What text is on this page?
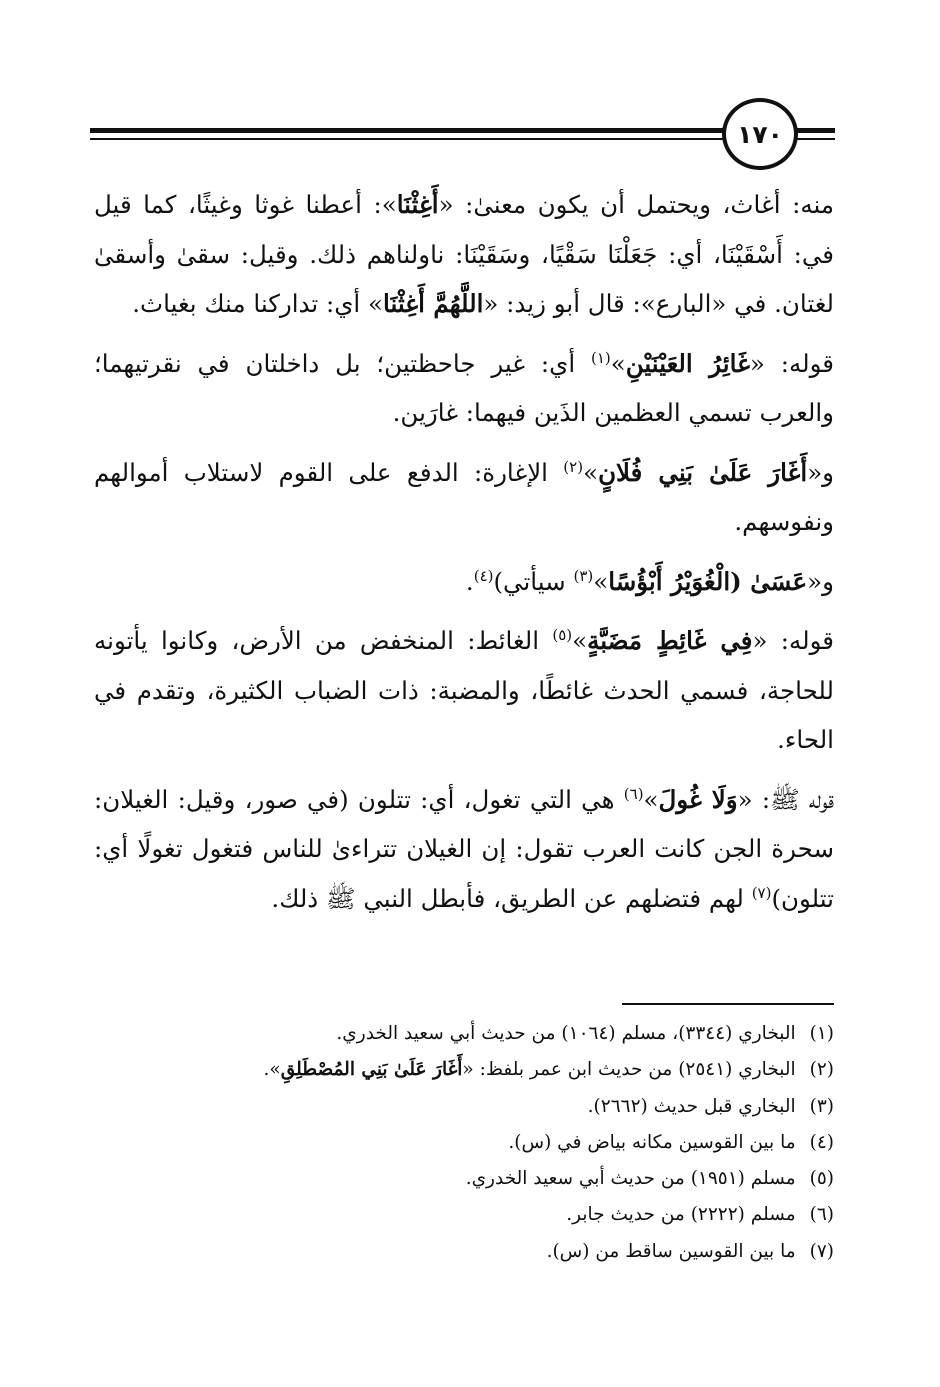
١٧٠

منه: أغاث، ويحتمل أن يكون معنىٰ: «أَغِثْنَا»: أعطنا غوثا وغيثًا، كما قيل في: أَسْقَيْنَا، أي: جَعَلْنَا سَقْيًا، وسَقَيْنَا: ناولناهم ذلك. وقيل: سقىٰ وأسقىٰ لغتان. في «البارع»: قال أبو زيد: «اللَّهُمَّ أَغِثْنَا» أي: تداركنا منك بغياث.

قوله: «غَائِرُ العَيْنَيْنِ»$^{(١)}$ أي: غير جاحظتين؛ بل داخلتان في نقرتيهما؛ والعرب تسمي العظمين الذَين فيهما: غارَين.

و«أَغَارَ عَلَىٰ بَنِي فُلَانٍ»$^{(٢)}$ الإغارة: الدفع على القوم لاستلاب أموالهم ونفوسهم.

و«عَسَىٰ (الْغُوَيْرُ أَبْؤُسًا»$^{(٣)}$ سيأتي)$^{(٤)}$.

قوله: «فِي غَائِطٍ مَضَبَّةٍ»$^{(٥)}$ الغائط: المنخفض من الأرض، وكانوا يأتونه للحاجة، فسمي الحدث غائطًا، والمضبة: ذات الضباب الكثيرة، وتقدم في الحاء.

قوله ﷺ: «وَلَا غُولَ»$^{(٦)}$ هي التي تغول، أي: تتلون (في صور، وقيل: الغيلان: سحرة الجن كانت العرب تقول: إن الغيلان تتراءىٰ للناس فتغول تغولًا أي: تتلون)$^{(٧)}$ لهم فتضلهم عن الطريق، فأبطل النبي ﷺ ذلك.

(١)البخاري (٣٣٤٤)، مسلم (١٠٦٤) من حديث أبي سعيد الخدري.
(٢)البخاري (٢٥٤١) من حديث ابن عمر بلفظ: «أَغَارَ عَلَىٰ بَنِي المُصْطَلِقِ».
(٣)البخاري قبل حديث (٢٦٦٢).
(٤)ما بين القوسين مكانه بياض في (س).
(٥)مسلم (١٩٥١) من حديث أبي سعيد الخدري.
(٦)مسلم (٢٢٢٢) من حديث جابر.
(٧)ما بين القوسين ساقط من (س).
